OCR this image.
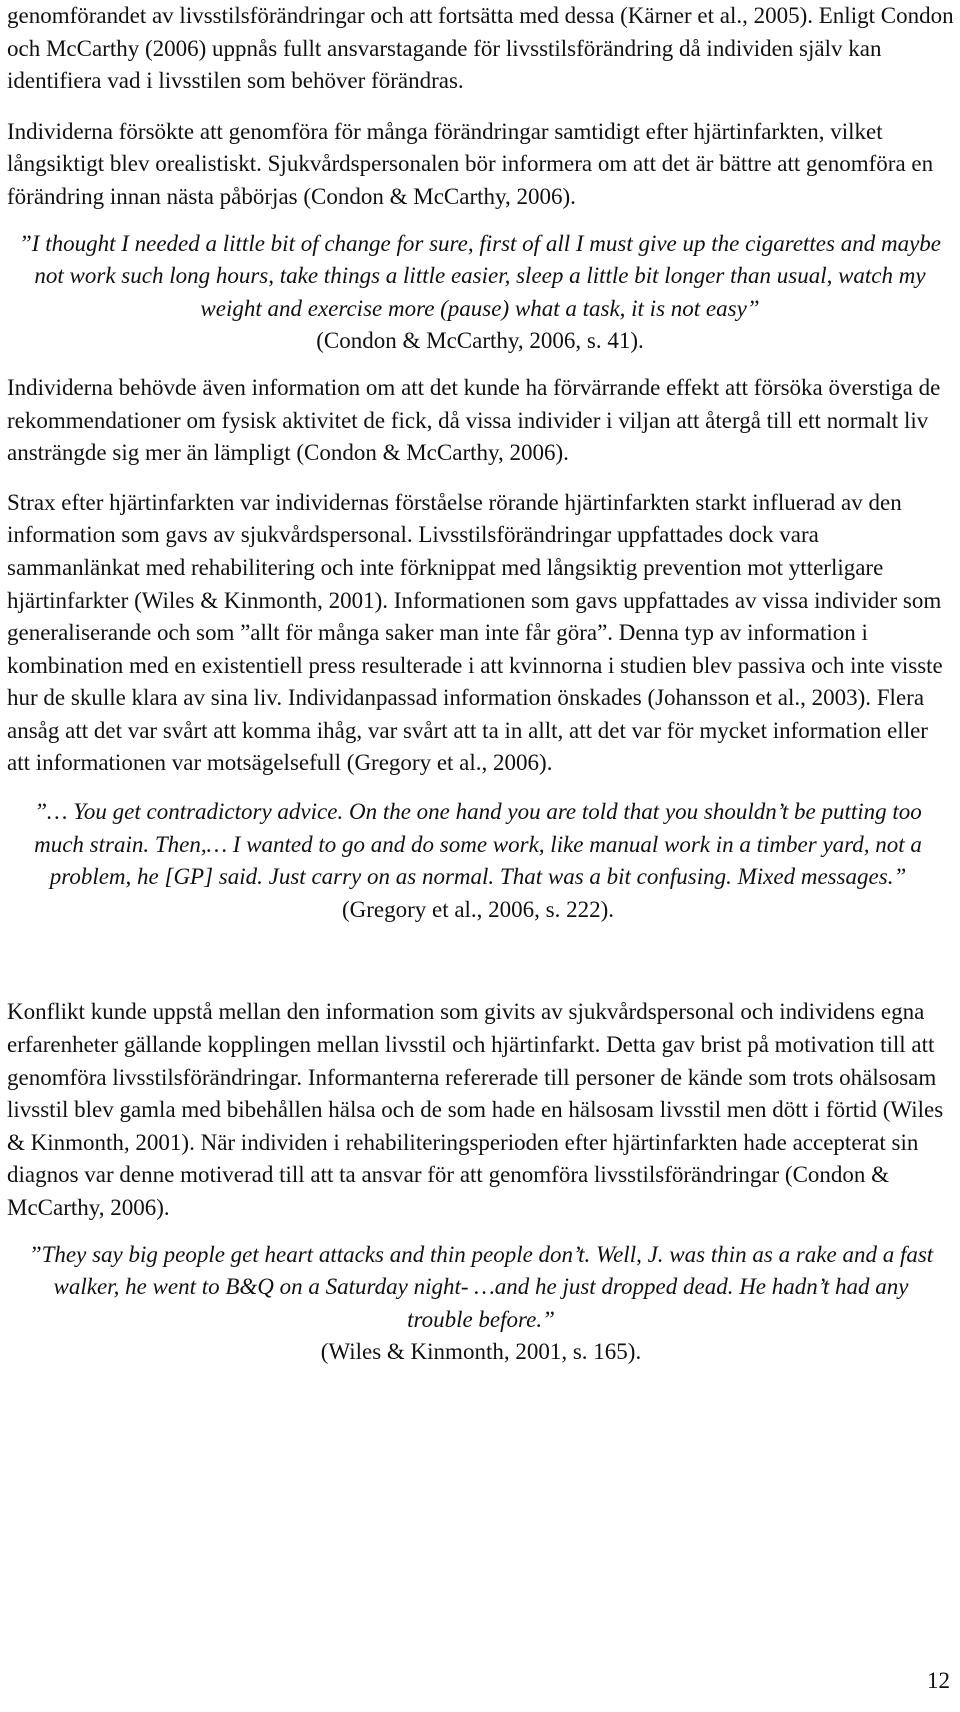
genomförandet av livsstilsförändringar och att fortsätta med dessa (Kärner et al., 2005). Enligt Condon och McCarthy (2006) uppnås fullt ansvarstagande för livsstilsförändring då individen själv kan identifiera vad i livsstilen som behöver förändras.

Individerna försökte att genomföra för många förändringar samtidigt efter hjärtinfarkten, vilket långsiktigt blev orealistiskt. Sjukvårdspersonalen bör informera om att det är bättre att genomföra en förändring innan nästa påbörjas (Condon & McCarthy, 2006).

”I thought I needed a little bit of change for sure, first of all I must give up the cigarettes and maybe not work such long hours, take things a little easier, sleep a little bit longer than usual, watch my weight and exercise more (pause) what a task, it is not easy”

(Condon & McCarthy, 2006, s. 41).

Individerna behövde även information om att det kunde ha förvärrande effekt att försöka överstiga de rekommendationer om fysisk aktivitet de fick, då vissa individer i viljan att återgå till ett normalt liv ansträngde sig mer än lämpligt (Condon & McCarthy, 2006).

Strax efter hjärtinfarkten var individernas förståelse rörande hjärtinfarkten starkt influerad av den information som gavs av sjukvårdspersonal. Livsstilsförändringar uppfattades dock vara sammanlänkat med rehabilitering och inte förknippat med långsiktig prevention mot ytterligare hjärtinfarkter (Wiles & Kinmonth, 2001). Informationen som gavs uppfattades av vissa individer som generaliserande och som ”allt för många saker man inte får göra”. Denna typ av information i kombination med en existentiell press resulterade i att kvinnorna i studien blev passiva och inte visste hur de skulle klara av sina liv. Individanpassad information önskades (Johansson et al., 2003). Flera ansåg att det var svårt att komma ihåg, var svårt att ta in allt, att det var för mycket information eller att informationen var motsägelsefull (Gregory et al., 2006).

”… You get contradictory advice. On the one hand you are told that you shouldn’t be putting too much strain. Then,… I wanted to go and do some work, like manual work in a timber yard, not a problem, he [GP] said. Just carry on as normal. That was a bit confusing. Mixed messages.”

(Gregory et al., 2006, s. 222).

Konflikt kunde uppstå mellan den information som givits av sjukvårdspersonal och individens egna erfarenheter gällande kopplingen mellan livsstil och hjärtinfarkt. Detta gav brist på motivation till att genomföra livsstilsförändringar. Informanterna refererade till personer de kände som trots ohälsosam livsstil blev gamla med bibehållen hälsa och de som hade en hälsosam livsstil men dött i förtid (Wiles & Kinmonth, 2001). När individen i rehabiliteringsperioden efter hjärtinfarkten hade accepterat sin diagnos var denne motiverad till att ta ansvar för att genomföra livsstilsförändringar (Condon & McCarthy, 2006).

”They say big people get heart attacks and thin people don’t. Well, J. was thin as a rake and a fast walker, he went to B&Q on a Saturday night- …and he just dropped dead. He hadn’t had any trouble before.”

(Wiles & Kinmonth, 2001, s. 165).

12
